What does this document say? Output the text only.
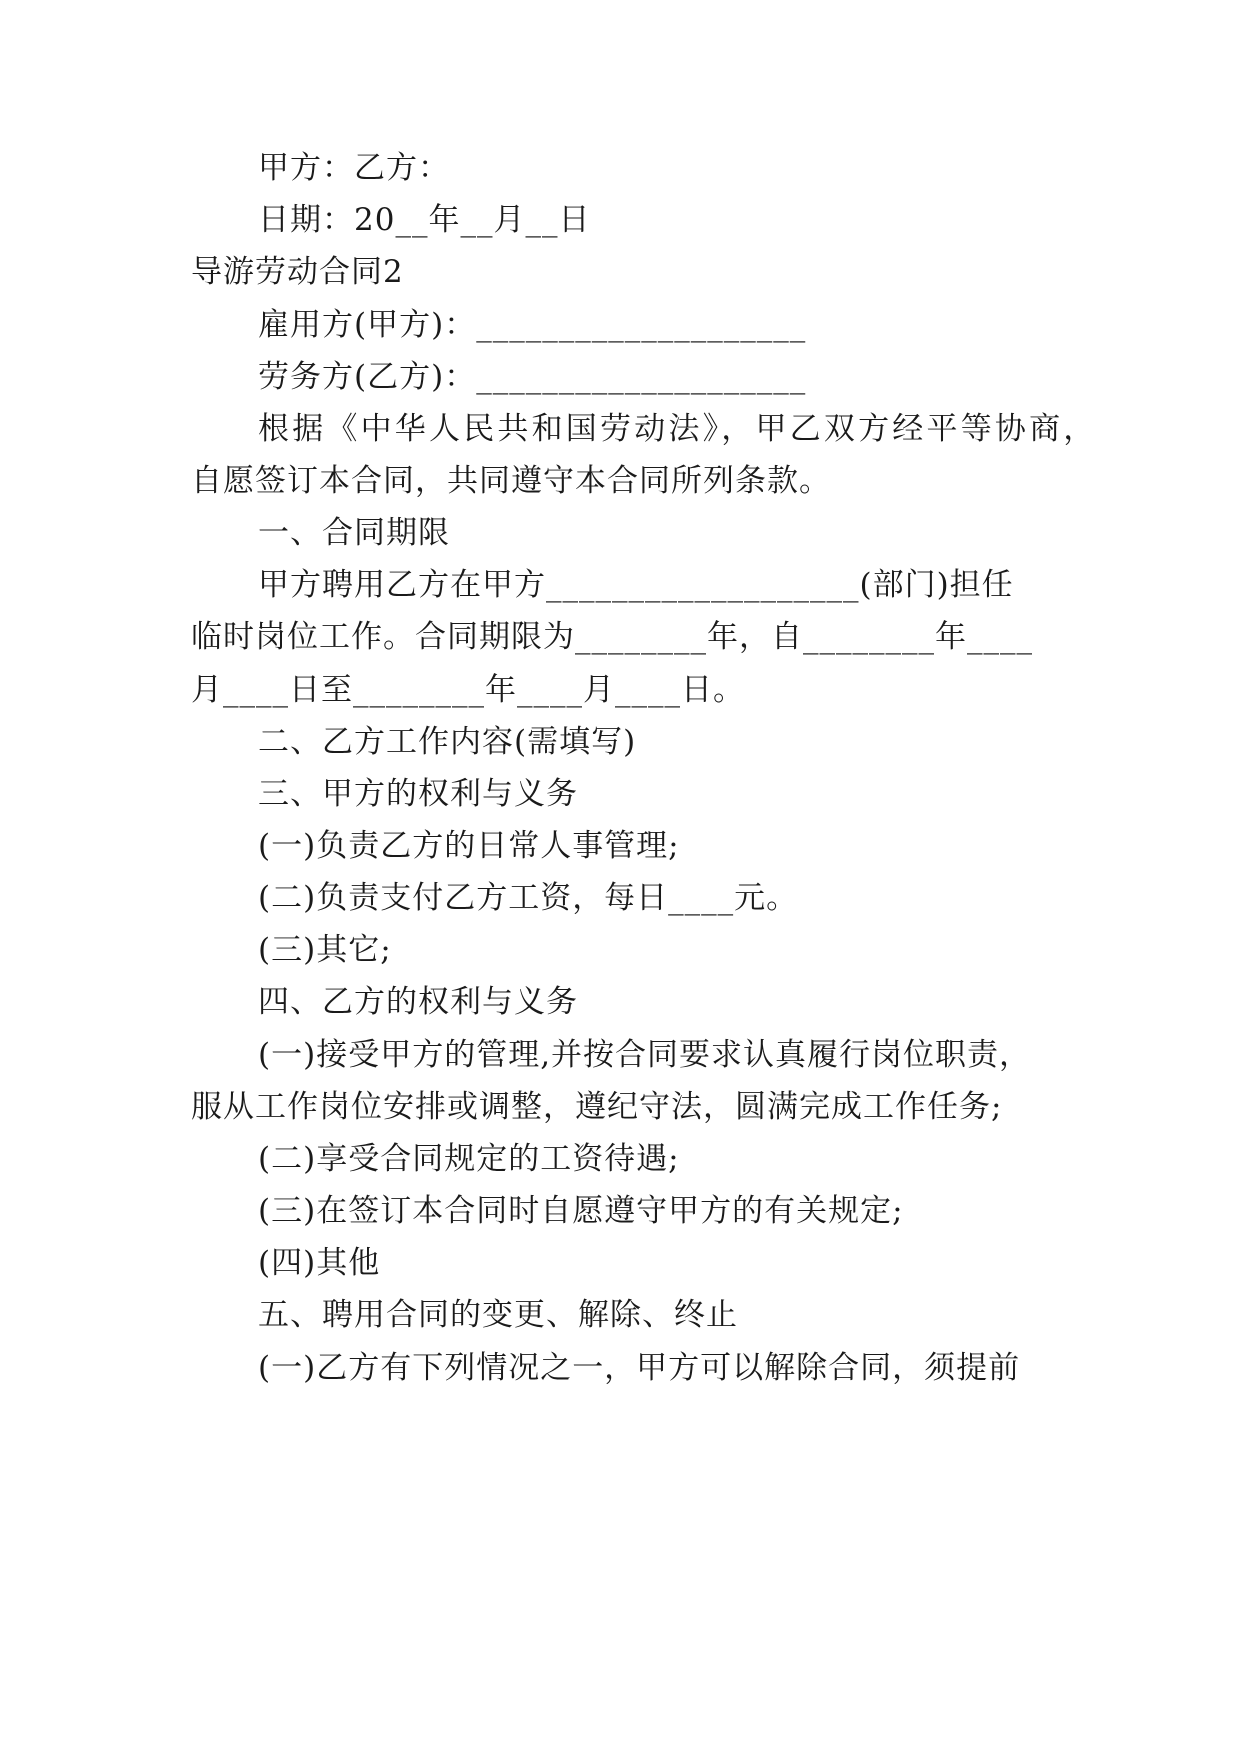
甲方：乙方：
日期：20__年__月__日
导游劳动合同2
雇用方(甲方)：____________________
劳务方(乙方)：____________________
根据《中华人民共和国劳动法》，甲乙双方经平等协商，
自愿签订本合同，共同遵守本合同所列条款。
一、合同期限
甲方聘用乙方在甲方___________________(部门)担任
临时岗位工作。合同期限为________年，自________年____
月____日至________年____月____日。
二、乙方工作内容(需填写)
三、甲方的权利与义务
(一)负责乙方的日常人事管理;
(二)负责支付乙方工资，每日____元。
(三)其它;
四、乙方的权利与义务
(一)接受甲方的管理,并按合同要求认真履行岗位职责，
服从工作岗位安排或调整，遵纪守法，圆满完成工作任务;
(二)享受合同规定的工资待遇;
(三)在签订本合同时自愿遵守甲方的有关规定;
(四)其他
五、聘用合同的变更、解除、终止
(一)乙方有下列情况之一，甲方可以解除合同，须提前
